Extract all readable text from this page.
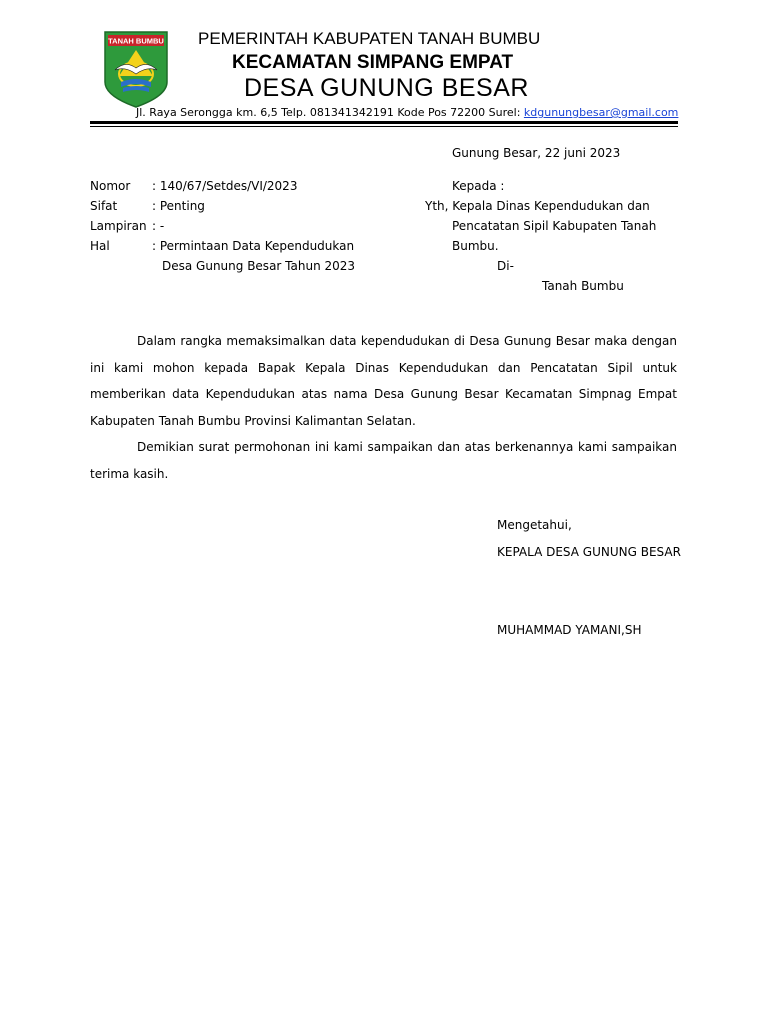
TANAH BUMBU PEMERINTAH KABUPATEN TANAH BUMBU
KECAMATAN SIMPANG EMPAT
DESA GUNUNG BESAR
Jl. Raya Serongga km. 6,5 Telp. 081341342191 Kode Pos 72200 Surel: kdgunungbesar@gmail.com
Gunung Besar, 22 juni 2023
Nomor : 140/67/Setdes/VI/2023
Sifat	: Penting
Lampiran : -
Hal	: Permintaan Data Kependudukan
Desa Gunung Besar Tahun 2023
Kepada :
Yth, Kepala Dinas Kependudukan dan
Pencatatan Sipil Kabupaten Tanah
Bumbu.
Di-
Tanah Bumbu

Dalam rangka memaksimalkan data kependudukan di Desa Gunung Besar maka dengan ini kami mohon kepada Bapak Kepala Dinas Kependudukan dan Pencatatan Sipil untuk memberikan data Kependudukan atas nama Desa Gunung Besar Kecamatan Simpnag Empat Kabupaten Tanah Bumbu Provinsi Kalimantan Selatan.

Demikian surat permohonan ini kami sampaikan dan atas berkenannya kami sampaikan terima kasih.

Mengetahui,
KEPALA DESA GUNUNG BESAR
MUHAMMAD YAMANI,SH
